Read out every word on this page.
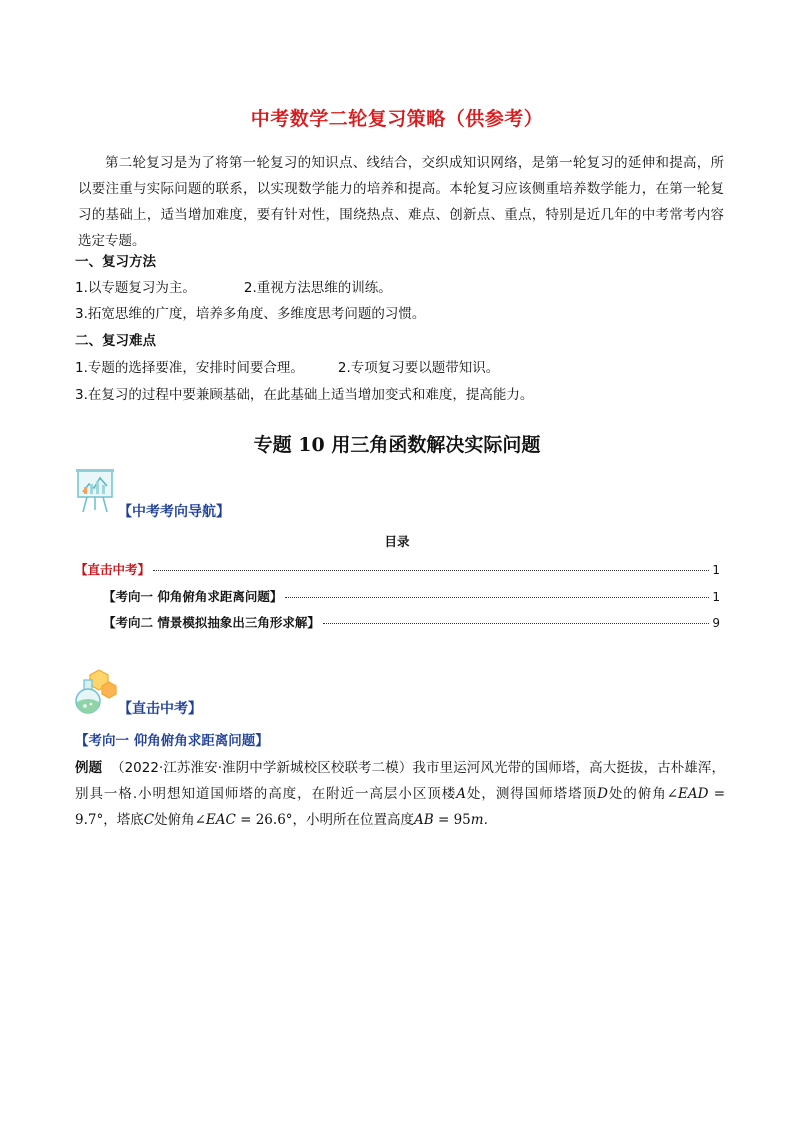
中考数学二轮复习策略（供参考）

第二轮复习是为了将第一轮复习的知识点、线结合，交织成知识网络，是第一轮复习的延伸和提高，所以要注重与实际问题的联系，以实现数学能力的培养和提高。本轮复习应该侧重培养数学能力，在第一轮复习的基础上，适当增加难度，要有针对性，围绕热点、难点、创新点、重点，特别是近几年的中考常考内容选定专题。

一、复习方法
1.以专题复习为主。	2.重视方法思维的训练。
3.拓宽思维的广度，培养多角度、多维度思考问题的习惯。
二、复习难点
1.专题的选择要准，安排时间要合理。	2.专项复习要以题带知识。
3.在复习的过程中要兼顾基础，在此基础上适当增加变式和难度，提高能力。
专题 10 用三角函数解决实际问题
【中考考向导航】
目录
【直击中考】	1
【考向一 仰角俯角求距离问题】	1
【考向二 情景模拟抽象出三角形求解】	9
【直击中考】
【考向一 仰角俯角求距离问题】

例题 （2022·江苏淮安·淮阴中学新城校区校联考二模）我市里运河风光带的国师塔，高大挺拔，古朴雄浑，别具一格.小明想知道国师塔的高度，在附近一高层小区顶楼A处，测得国师塔塔顶D处的俯角∠EAD = 9.7°，塔底C处俯角∠EAC = 26.6°，小明所在位置高度AB = 95m.
